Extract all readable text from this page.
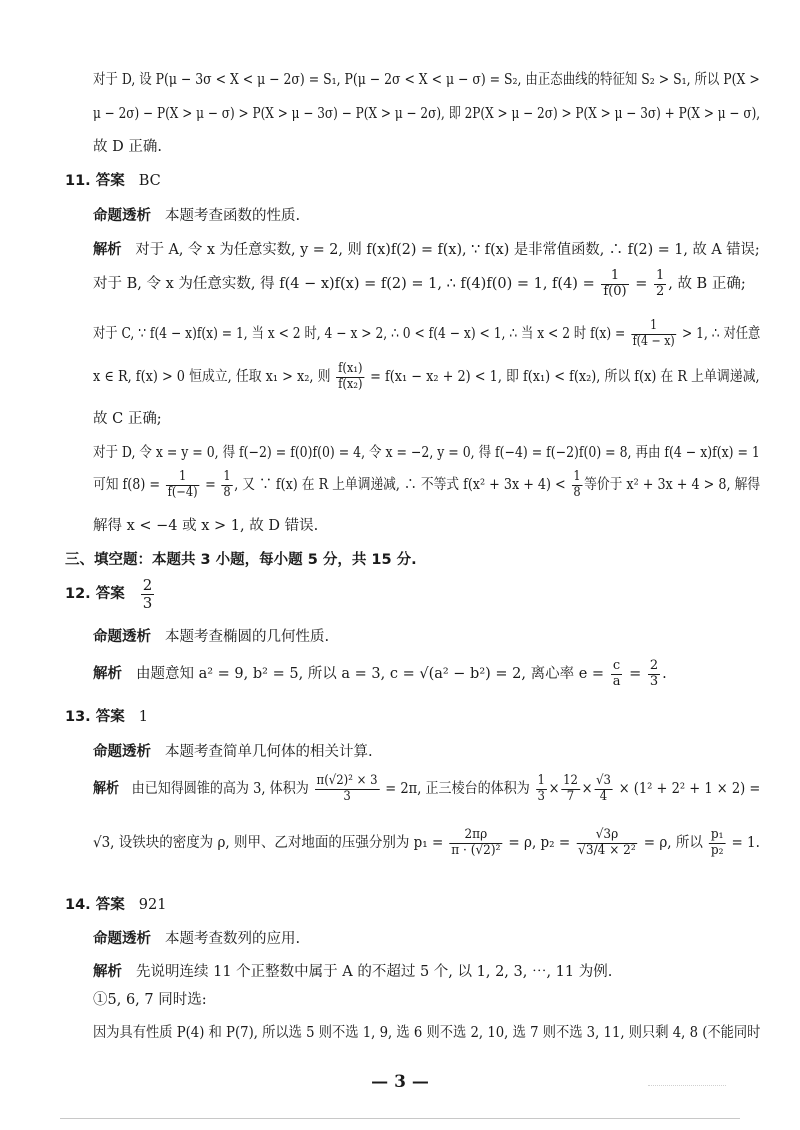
对于 D, 设 P(μ − 3σ < X < μ − 2σ) = S₁, P(μ − 2σ < X < μ − σ) = S₂, 由正态曲线的特征知 S₂ > S₁, 所以 P(X >
μ − 2σ) − P(X > μ − σ) > P(X > μ − 3σ) − P(X > μ − 2σ), 即 2P(X > μ − 2σ) > P(X > μ − 3σ) + P(X > μ − σ),
故 D 正确.
11. 答案 BC
命题透析 本题考查函数的性质.
解析 对于 A, 令 x 为任意实数, y = 2, 则 f(x)f(2) = f(x), ∵ f(x) 是非常值函数, ∴ f(2) = 1, 故 A 错误;
对于 B, 令 x 为任意实数, 得 f(4 − x)f(x) = f(2) = 1, ∴ f(4)f(0) = 1, $f(4) = \frac{1}{f(0)} = \frac{1}{2}$ , 故 B 正确;
对于 C, ∵ f(4 − x)f(x) = 1, 当 x < 2 时, 4 − x > 2, ∴ 0 < f(4 − x) < 1, ∴ 当 x < 2 时 $f(x) = \frac{1}{f(4 - x)} > 1$, ∴ 对任意
x ∈ R, f(x) > 0 恒成立, 任取 x₁ > x₂, 则 $\frac{\text{f(x₁)}}{\text{f(x₂)}} = f(x_1 - x_2 + 2) < 1$, 即 f(x₁) < f(x₂), 所以 f(x) 在 R 上单调递减,
故 C 正确;
对于 D, 令 x = y = 0, 得 f(−2) = f(0)f(0) = 4, 令 x = −2, y = 0, 得 f(−4) = f(−2)f(0) = 8, 再由 f(4 − x)f(x) = 1
可知 $f(8) = \frac{1}{f(-4)} = \frac{1}{8}$ , 又 ∵ f(x) 在 R 上单调递减, ∴ 不等式 $f(x^2 + 3x + 4) < \frac{1}{8}$ 等价于 x² + 3x + 4 > 8, 解得
解得 x < −4 或 x > 1, 故 D 错误.
三、填空题：本题共 3 小题，每小题 5 分，共 15 分.
12. 答案 $\frac{2}{3}$
命题透析 本题考查椭圆的几何性质.
解析 由题意知 a² = 9, b² = 5, 所以 a = 3, c = √(a² − b²) = 2, 离心率 $e = \frac{c}{a} = \frac{2}{3}$ .
13. 答案 1
命题透析 本题考查简单几何体的相关计算.
解析 由已知得圆锥的高为 3, 体积为 $\frac{\text{π(√2)² × 3}}{3} = 2\pi$, 正三棱台的体积为 $\frac{1}{3} \times \frac{12}{7} \times \frac{√3}{4} \times (1^2 + 2^2 + 1 \times 2)$ =
√3, 设铁块的密度为 ρ, 则甲、乙对地面的压强分别为 $p_1 = \frac{2\pi\rho}{\text{π · (√2)²}} = \rho$, $p_2 = \frac{√3\rho}{\text{√3/4 × 2²}} = \rho$, 所以 $\frac{\text{p₁}}{\text{p₂}} = 1$.
14. 答案 921
命题透析 本题考查数列的应用.
解析 先说明连续 11 个正整数中属于 A 的不超过 5 个, 以 1, 2, 3, ⋯, 11 为例.
①5, 6, 7 同时选:
因为具有性质 P(4) 和 P(7), 所以选 5 则不选 1, 9, 选 6 则不选 2, 10, 选 7 则不选 3, 11, 则只剩 4, 8 (不能同时
— 3 —
